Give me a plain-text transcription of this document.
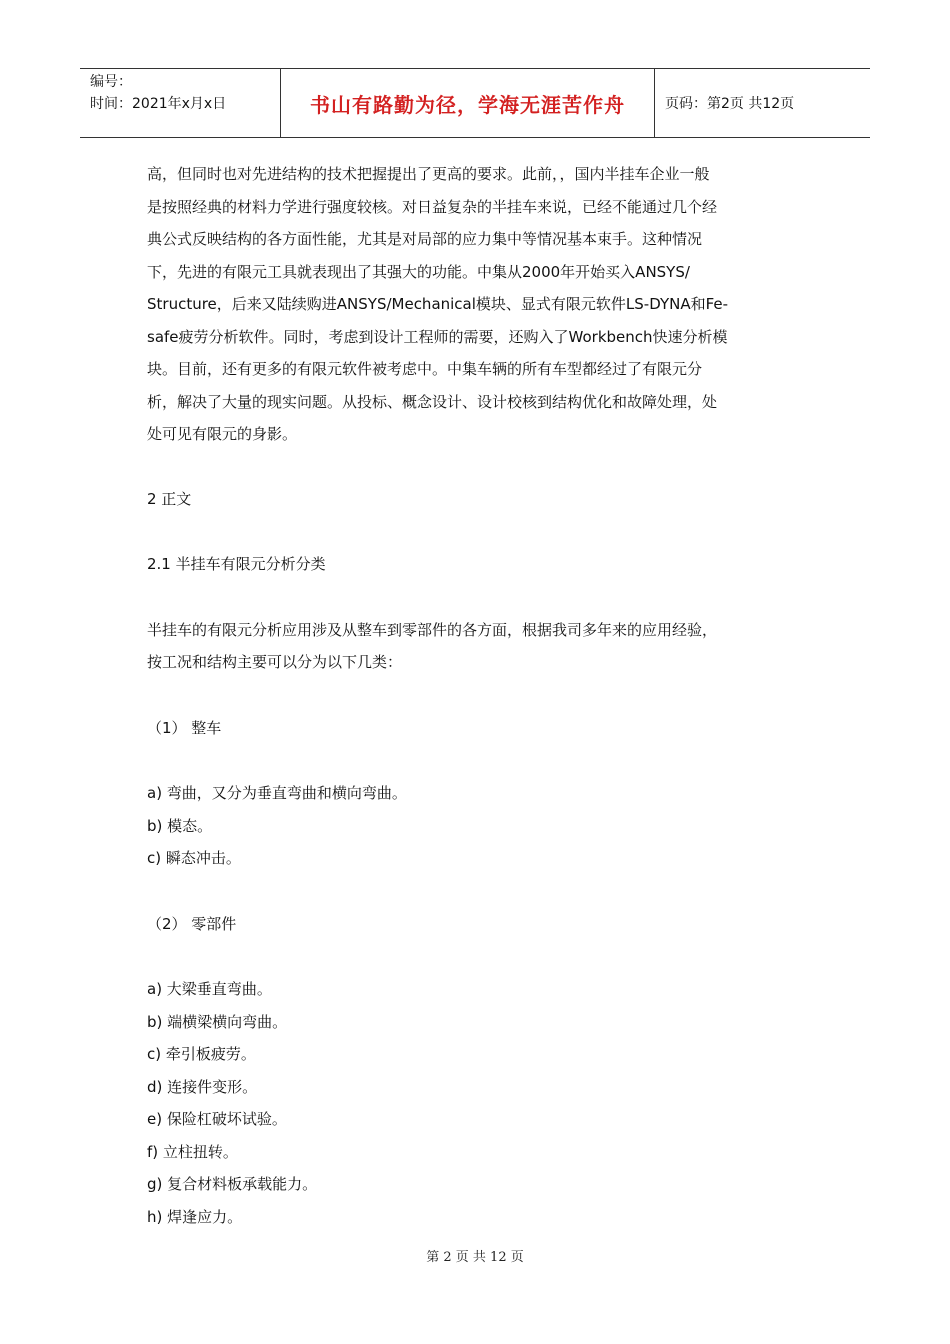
编号：
时间：2021年x月x日	书山有路勤为径，学海无涯苦作舟	页码：第2页 共12页

高，但同时也对先进结构的技术把握提出了更高的要求。此前，，国内半挂车企业一般

是按照经典的材料力学进行强度较核。对日益复杂的半挂车来说，已经不能通过几个经

典公式反映结构的各方面性能，尤其是对局部的应力集中等情况基本束手。这种情况

下，先进的有限元工具就表现出了其强大的功能。中集从2000年开始买入ANSYS/

Structure，后来又陆续购进ANSYS/Mechanical模块、显式有限元软件LS-DYNA和Fe-

safe疲劳分析软件。同时，考虑到设计工程师的需要，还购入了Workbench快速分析模

块。目前，还有更多的有限元软件被考虑中。中集车辆的所有车型都经过了有限元分

析，解决了大量的现实问题。从投标、概念设计、设计校核到结构优化和故障处理，处

处可见有限元的身影。

2 正文

2.1 半挂车有限元分析分类

半挂车的有限元分析应用涉及从整车到零部件的各方面，根据我司多年来的应用经验，

按工况和结构主要可以分为以下几类：

（1） 整车

a) 弯曲，又分为垂直弯曲和横向弯曲。

b) 模态。

c) 瞬态冲击。

（2） 零部件

a) 大梁垂直弯曲。

b) 端横梁横向弯曲。

c) 牵引板疲劳。

d) 连接件变形。

e) 保险杠破坏试验。

f) 立柱扭转。

g) 复合材料板承载能力。

h) 焊逢应力。

第 2 页 共 12 页
